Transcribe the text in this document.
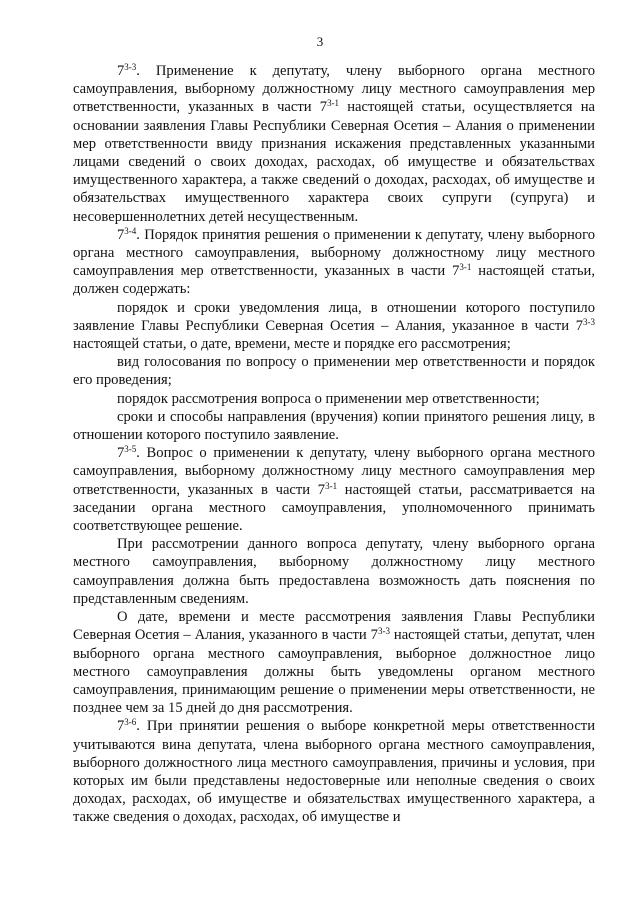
3

7$^{3-3}$. Применение к депутату, члену выборного органа местного самоуправления, выборному должностному лицу местного самоуправления мер ответственности, указанных в части 7$^{3-1}$ настоящей статьи, осуществляется на основании заявления Главы Республики Северная Осетия – Алания о применении мер ответственности ввиду признания искажения представленных указанными лицами сведений о своих доходах, расходах, об имуществе и обязательствах имущественного характера, а также сведений о доходах, расходах, об имуществе и обязательствах имущественного характера своих супруги (супруга) и несовершеннолетних детей несущественным.

7$^{3-4}$. Порядок принятия решения о применении к депутату, члену выборного органа местного самоуправления, выборному должностному лицу местного самоуправления мер ответственности, указанных в части 7$^{3-1}$ настоящей статьи, должен содержать:

порядок и сроки уведомления лица, в отношении которого поступило заявление Главы Республики Северная Осетия – Алания, указанное в части 7$^{3-3}$ настоящей статьи, о дате, времени, месте и порядке его рассмотрения;

вид голосования по вопросу о применении мер ответственности и порядок его проведения;

порядок рассмотрения вопроса о применении мер ответственности;

сроки и способы направления (вручения) копии принятого решения лицу, в отношении которого поступило заявление.

7$^{3-5}$. Вопрос о применении к депутату, члену выборного органа местного самоуправления, выборному должностному лицу местного самоуправления мер ответственности, указанных в части 7$^{3-1}$ настоящей статьи, рассматривается на заседании органа местного самоуправления, уполномоченного принимать соответствующее решение.

При рассмотрении данного вопроса депутату, члену выборного органа местного самоуправления, выборному должностному лицу местного самоуправления должна быть предоставлена возможность дать пояснения по представленным сведениям.

О дате, времени и месте рассмотрения заявления Главы Республики Северная Осетия – Алания, указанного в части 7$^{3-3}$ настоящей статьи, депутат, член выборного органа местного самоуправления, выборное должностное лицо местного самоуправления должны быть уведомлены органом местного самоуправления, принимающим решение о применении меры ответственности, не позднее чем за 15 дней до дня рассмотрения.

7$^{3-6}$. При принятии решения о выборе конкретной меры ответственности учитываются вина депутата, члена выборного органа местного самоуправления, выборного должностного лица местного самоуправления, причины и условия, при которых им были представлены недостоверные или неполные сведения о своих доходах, расходах, об имуществе и обязательствах имущественного характера, а также сведения о доходах, расходах, об имуществе и
